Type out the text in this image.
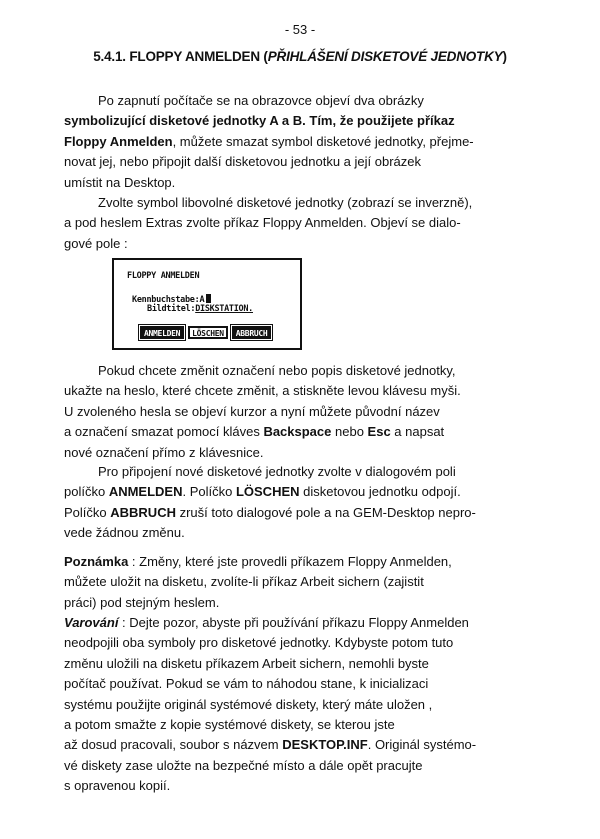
- 53 -
5.4.1. FLOPPY ANMELDEN (PŘIHLÁŠENÍ DISKETOVÉ JEDNOTKY)
Po zapnutí počítače se na obrazovce objeví dva obrázky
symbolizující disketové jednotky A a B. Tím, že použijete příkaz
Floppy Anmelden, můžete smazat symbol disketové jednotky, přejme-
novat jej, nebo připojit další disketovou jednotku a její obrázek
umístit na Desktop.
Zvolte symbol libovolné disketové jednotky (zobrazí se inverzně),
a pod heslem Extras zvolte příkaz Floppy Anmelden. Objeví se dialo-
gové pole :
FLOPPY ANMELDEN
Kennbuchstabe:A
Bildtitel:DISKSTATION.
ANMELDEN	LÖSCHEN	ABBRUCH
Pokud chcete změnit označení nebo popis disketové jednotky,
ukažte na heslo, které chcete změnit, a stiskněte levou klávesu myši.
U zvoleného hesla se objeví kurzor a nyní můžete původní název
a označení smazat pomocí kláves Backspace nebo Esc a napsat
nové označení přímo z klávesnice.
Pro připojení nové disketové jednotky zvolte v dialogovém poli
políčko ANMELDEN. Políčko LÖSCHEN disketovou jednotku odpojí.
Políčko ABBRUCH zruší toto dialogové pole a na GEM-Desktop nepro-
vede žádnou změnu.
Poznámka : Změny, které jste provedli příkazem Floppy Anmelden,
můžete uložit na disketu, zvolíte-li příkaz Arbeit sichern (zajistit
práci) pod stejným heslem.
Varování : Dejte pozor, abyste při používání příkazu Floppy Anmelden
neodpojili oba symboly pro disketové jednotky. Kdybyste potom tuto
změnu uložili na disketu příkazem Arbeit sichern, nemohli byste
počítač používat. Pokud se vám to náhodou stane, k inicializaci
systému použijte originál systémové diskety, který máte uložen ,
a potom smažte z kopie systémové diskety, se kterou jste
až dosud pracovali, soubor s názvem DESKTOP.INF. Originál systémo-
vé diskety zase uložte na bezpečné místo a dále opět pracujte
s opravenou kopií.
